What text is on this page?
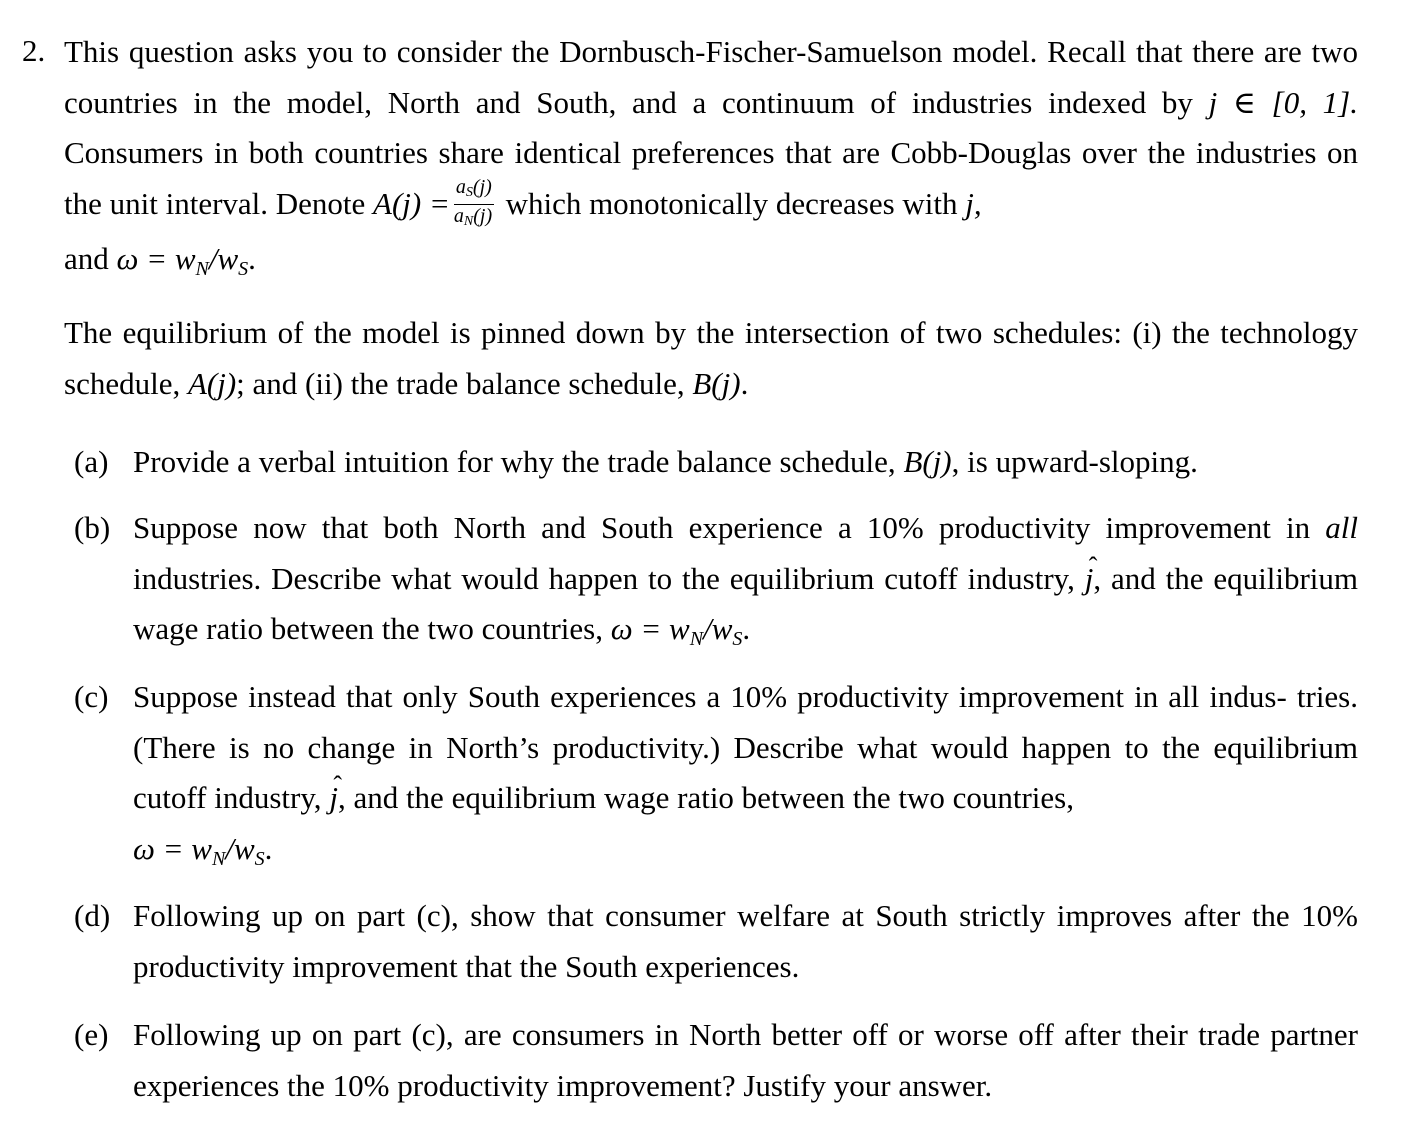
2. This question asks you to consider the Dornbusch-Fischer-Samuelson model. Recall that there are two countries in the model, North and South, and a continuum of industries indexed by j ∈ [0, 1]. Consumers in both countries share identical preferences that are Cobb-Douglas over the industries on the unit interval. Denote $A(j) = \frac{aS(j)}{aN(j)}$ which monotonically decreases with j,
and $\omega = w_N/w_S$.
The equilibrium of the model is pinned down by the intersection of two schedules: (i) the technology schedule, A(j); and (ii) the trade balance schedule, B(j).
(a) Provide a verbal intuition for why the trade balance schedule, B(j), is upward-sloping.
(b) Suppose now that both North and South experience a 10% productivity improvement in all industries. Describe what would happen to the equilibrium cutoff industry, ˆ j, and the equilibrium wage ratio between the two countries, $\omega = w_N/w_S$.
(c) Suppose instead that only South experiences a 10% productivity improvement in all indus- tries. (There is no change in North’s productivity.) Describe what would happen to the equilibrium cutoff industry, ˆ j, and the equilibrium wage ratio between the two countries,
$\omega = w_N/w_S$.
(d) Following up on part (c), show that consumer welfare at South strictly improves after the 10% productivity improvement that the South experiences.
(e) Following up on part (c), are consumers in North better off or worse off after their trade partner experiences the 10% productivity improvement? Justify your answer.
